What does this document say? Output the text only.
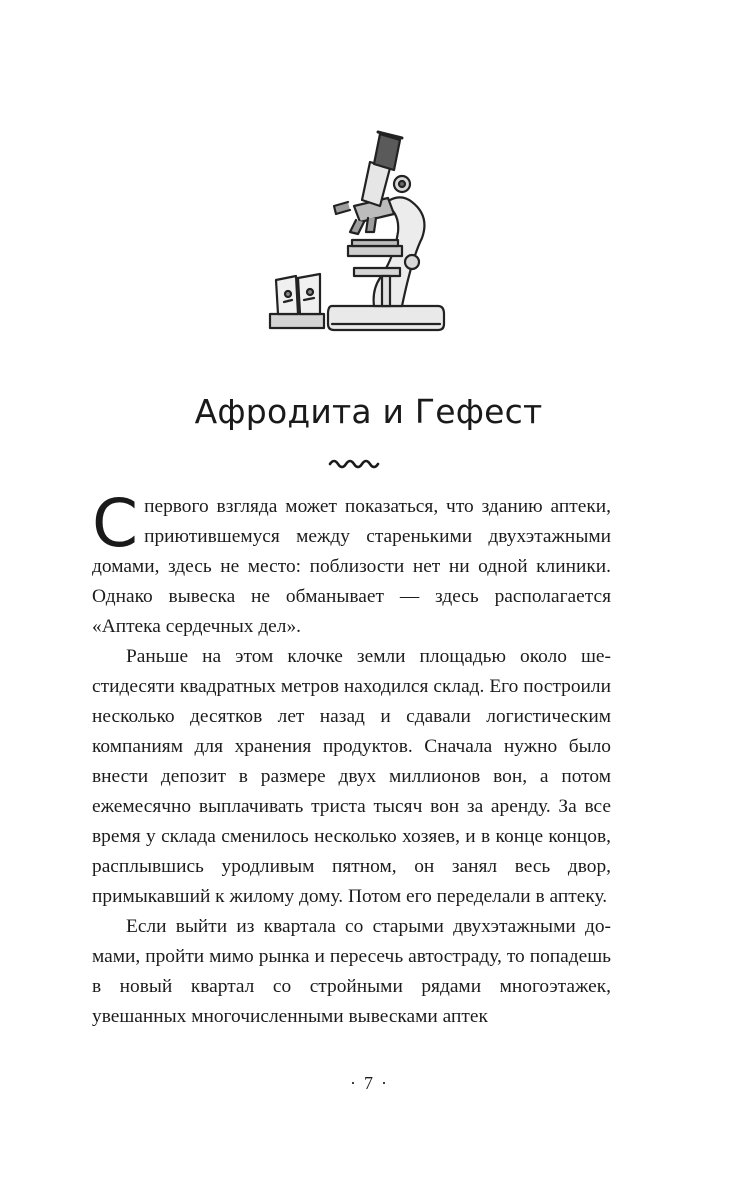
Афродита и Гефест

Спервого взгляда может показаться, что зданию аптеки, приютившемуся между старенькими двухэтажными домами, здесь не место: поблизости нет ни одной клиники. Однако вывеска не обманывает — здесь располагается «Аптека сердечных дел».

Раньше на этом клочке земли площадью около шестидесяти квадратных метров находился склад. Его построили несколько десятков лет назад и сдавали логистическим компаниям для хранения продуктов. Сначала нужно было внести депозит в размере двух миллионов вон, а потом ежемесячно выплачивать триста тысяч вон за аренду. За все время у склада сменилось несколько хозяев, и в конце концов, расплывшись уродливым пятном, он занял весь двор, примыкавший к жилому дому. Потом его переделали в аптеку.

Если выйти из квартала со старыми двухэтажными домами, пройти мимо рынка и пересечь автостраду, то попадешь в новый квартал со стройными рядами многоэтажек, увешанных многочисленными вывесками аптек

· 7 ·
